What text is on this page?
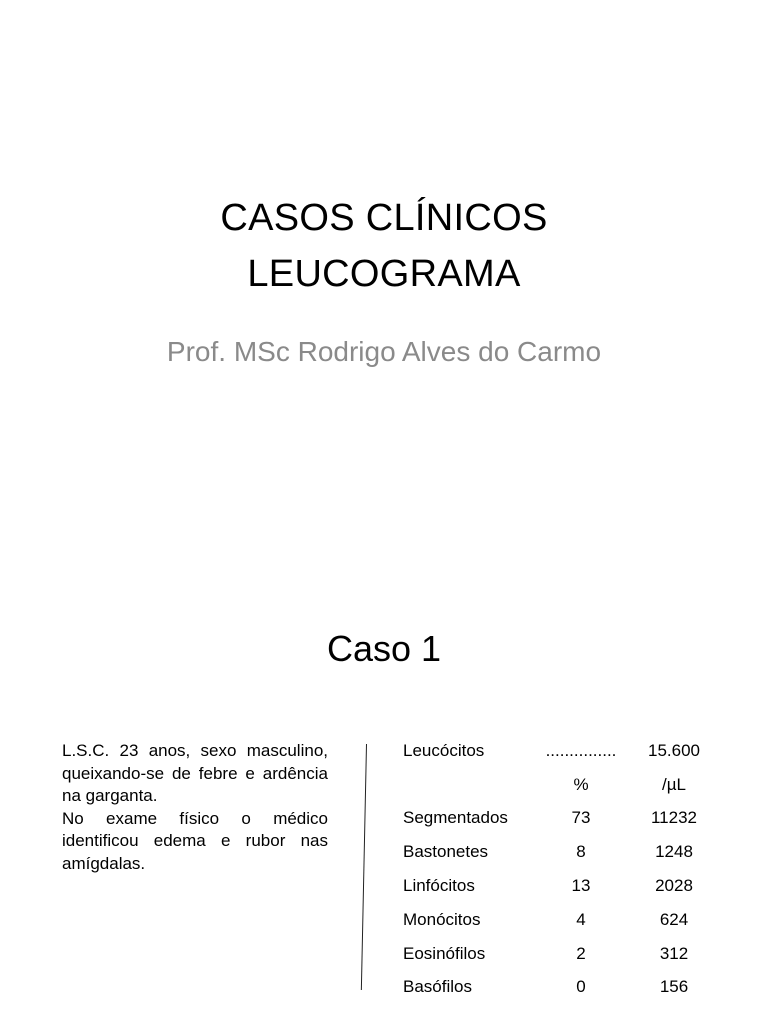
CASOS CLÍNICOS
LEUCOGRAMA
Prof. MSc Rodrigo Alves do Carmo
Caso 1

L.S.C. 23 anos, sexo masculino, queixando-se de febre e ardência na garganta.

No exame físico o médico identificou edema e rubor nas amígdalas.

Leucócitos	...............	15.600
	%	/µL
Segmentados	73	11232
Bastonetes	8	1248
Linfócitos	13	2028
Monócitos	4	624
Eosinófilos	2	312
Basófilos	0	156
